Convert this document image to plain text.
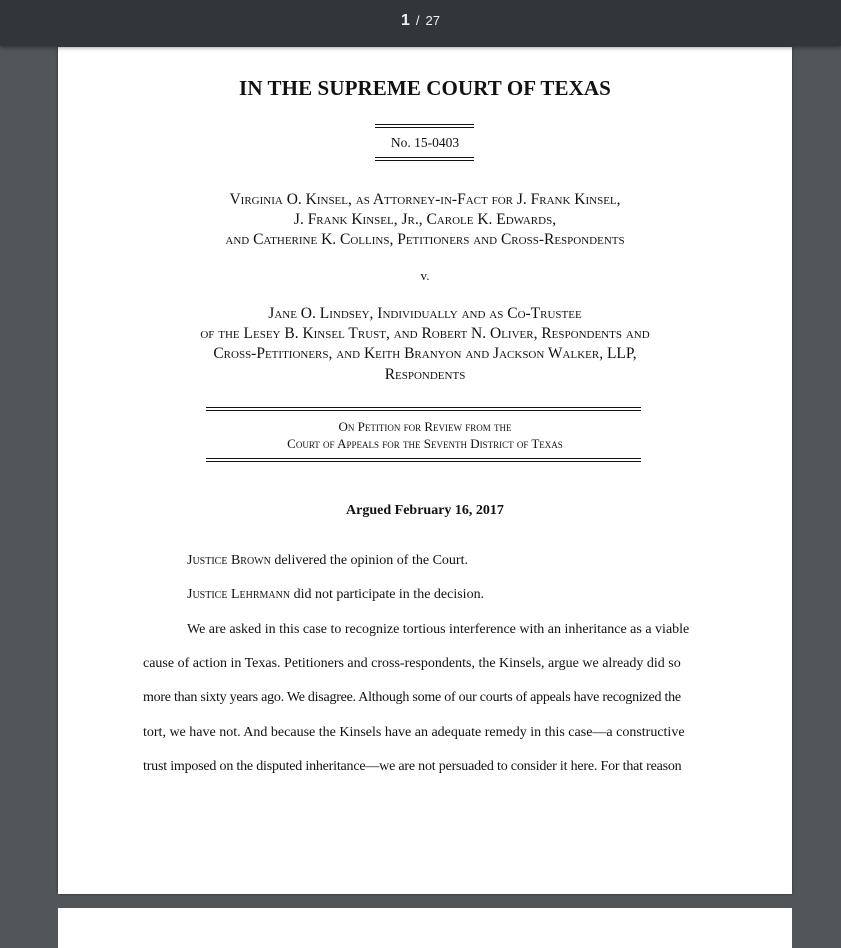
1 / 27
IN THE SUPREME COURT OF TEXAS
No. 15-0403
Virginia O. Kinsel, as Attorney-in-Fact for J. Frank Kinsel,
J. Frank Kinsel, Jr., Carole K. Edwards,
and Catherine K. Collins, Petitioners and Cross-Respondents
v.
Jane O. Lindsey, Individually and as Co-Trustee
of the Lesey B. Kinsel Trust, and Robert N. Oliver, Respondents and
Cross-Petitioners, and Keith Branyon and Jackson Walker, LLP,
Respondents
On Petition for Review from the
Court of Appeals for the Seventh District of Texas
Argued February 16, 2017
Justice Brown delivered the opinion of the Court.
Justice Lehrmann did not participate in the decision.
We are asked in this case to recognize tortious interference with an inheritance as a viable
cause of action in Texas. Petitioners and cross-respondents, the Kinsels, argue we already did so
more than sixty years ago. We disagree. Although some of our courts of appeals have recognized the
tort, we have not. And because the Kinsels have an adequate remedy in this case—a constructive
trust imposed on the disputed inheritance—we are not persuaded to consider it here. For that reason
